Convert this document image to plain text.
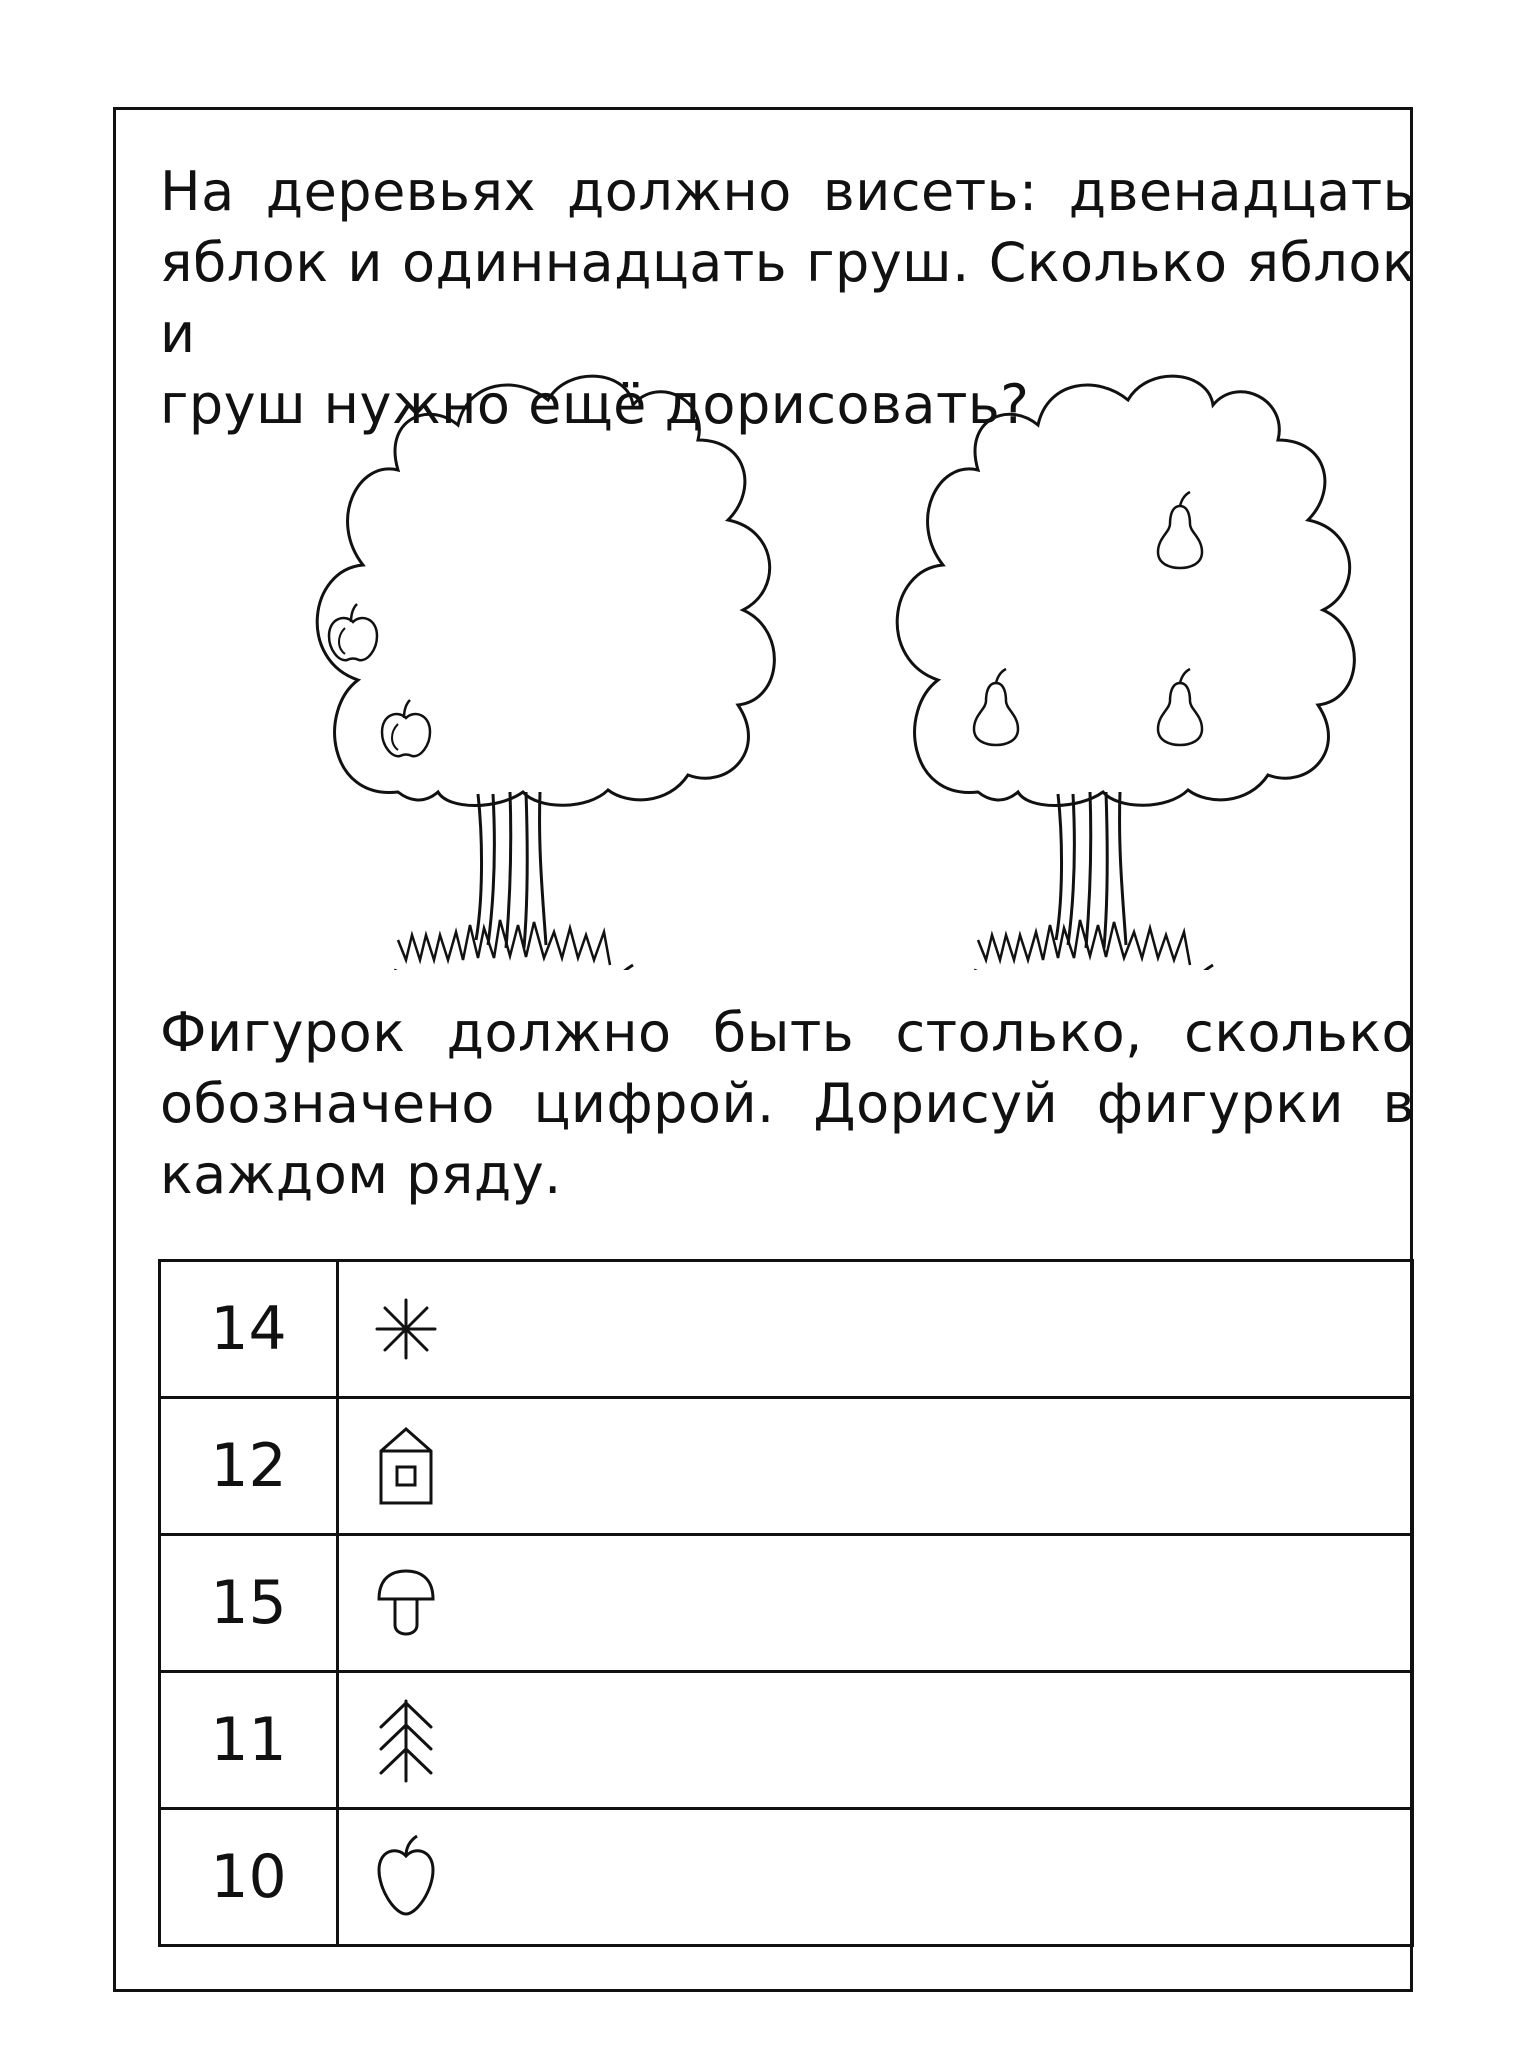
На деревьях должно висеть: двенадцать
яблок и одиннадцать груш. Сколько яблок и
груш нужно ещё дорисовать?
Фигурок должно быть столько, сколько
обозначено цифрой. Дорисуй фигурки в
каждом ряду.
14	

12	

15	

11	

10	
